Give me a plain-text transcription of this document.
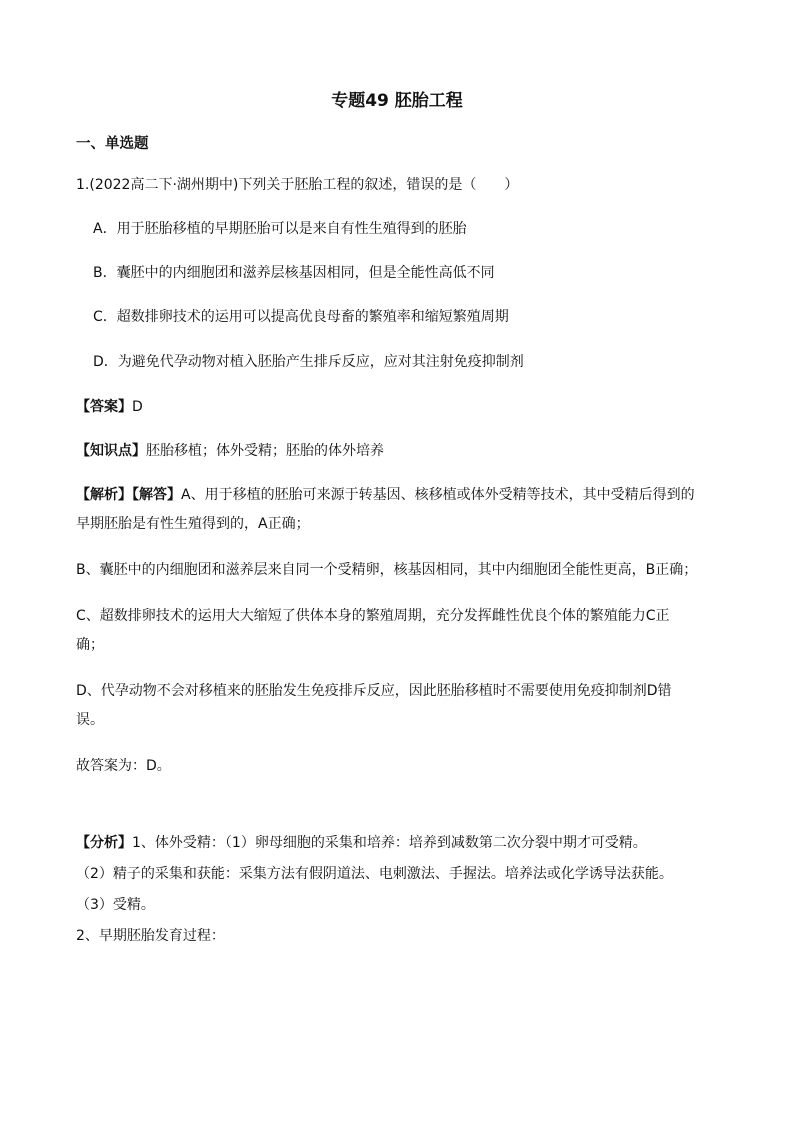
专题49 胚胎工程
一、单选题
1.(2022高二下·湖州期中)下列关于胚胎工程的叙述，错误的是（　　）
A．用于胚胎移植的早期胚胎可以是来自有性生殖得到的胚胎
B．囊胚中的内细胞团和滋养层核基因相同，但是全能性高低不同
C．超数排卵技术的运用可以提高优良母畜的繁殖率和缩短繁殖周期
D．为避免代孕动物对植入胚胎产生排斥反应，应对其注射免疫抑制剂
【答案】D
【知识点】胚胎移植；体外受精；胚胎的体外培养
【解析】【解答】A、用于移植的胚胎可来源于转基因、核移植或体外受精等技术，其中受精后得到的
早期胚胎是有性生殖得到的，A正确；
B、囊胚中的内细胞团和滋养层来自同一个受精卵，核基因相同，其中内细胞团全能性更高，B正确；
C、超数排卵技术的运用大大缩短了供体本身的繁殖周期，充分发挥雌性优良个体的繁殖能力C正
确；
D、代孕动物不会对移植来的胚胎发生免疫排斥反应，因此胚胎移植时不需要使用免疫抑制剂D错
误。
故答案为：D。
【分析】1、体外受精：（1）卵母细胞的采集和培养：培养到减数第二次分裂中期才可受精。
（2）精子的采集和获能：采集方法有假阴道法、电刺激法、手握法。培养法或化学诱导法获能。
（3）受精。
2、早期胚胎发育过程：
